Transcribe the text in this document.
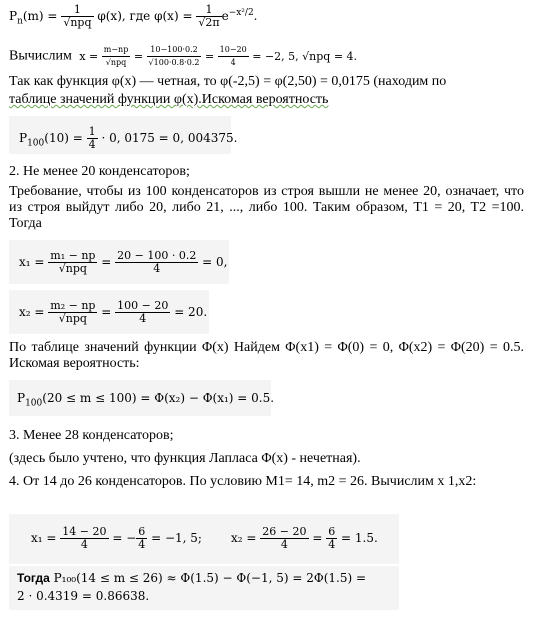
$P_n(m) = \frac{1}{\text{√npq}} \varphi(x)$, где $\varphi(x) = \frac{1}{√2\pi} e^{-x^2/2}$.
Вычислим $x = \frac{m-np}{\text{√npq}} = \frac{10-100\cdot 0.2}{√100\cdot 0.8\cdot 0.2} = \frac{10-20}{4} = -2$, 5, √npq = 4.
Так как функция φ(x) — четная, то φ(-2,5) = φ(2,50) = 0,0175 (находим по
таблице значений функции φ(x).Искомая вероятность
$P_{100}(10) = \frac{1}{4} \cdot 0$, 0175 = 0, 004375.
2. Не менее 20 конденсаторов;
Требование, чтобы из 100 конденсаторов из строя вышли не менее 20, означает, что из строя выйдут либо 20, либо 21, ..., либо 100. Таким образом, T1 = 20, T2 =100. Тогда
$x_1 = \frac{\text{m₁ − np}}{\text{√npq}} = \frac{20 - 100 \cdot 0.2}{4} = 0$,
$x_2 = \frac{\text{m₂ − np}}{\text{√npq}} = \frac{100 - 20}{4} = 20$.
По таблице значений функции Φ(x) Найдем Φ(x1) = Φ(0) = 0, Φ(x2) = Φ(20) = 0.5. Искомая вероятность:
$P_{100}(20 \le m \le 100) = \Phi(x_2) - \Phi(x_1) = 0.5$.
3. Менее 28 конденсаторов;
(здесь было учтено, что функция Лапласа Φ(x) - нечетная).
4. От 14 до 26 конденсаторов. По условию M1= 14, m2 = 26. Вычислим x 1,x2:
$x_1 = \frac{14 - 20}{4}$ = − $\frac{6}{4} = -1$, 5; $x_2 = \frac{26 - 20}{4} = \frac{6}{4} = 1.5$.
Тогда P₁₀₀(14 ≤ m ≤ 26) ≈ Φ(1.5) − Φ(−1, 5) = 2Φ(1.5) =
2 · 0.4319 = 0.86638.
